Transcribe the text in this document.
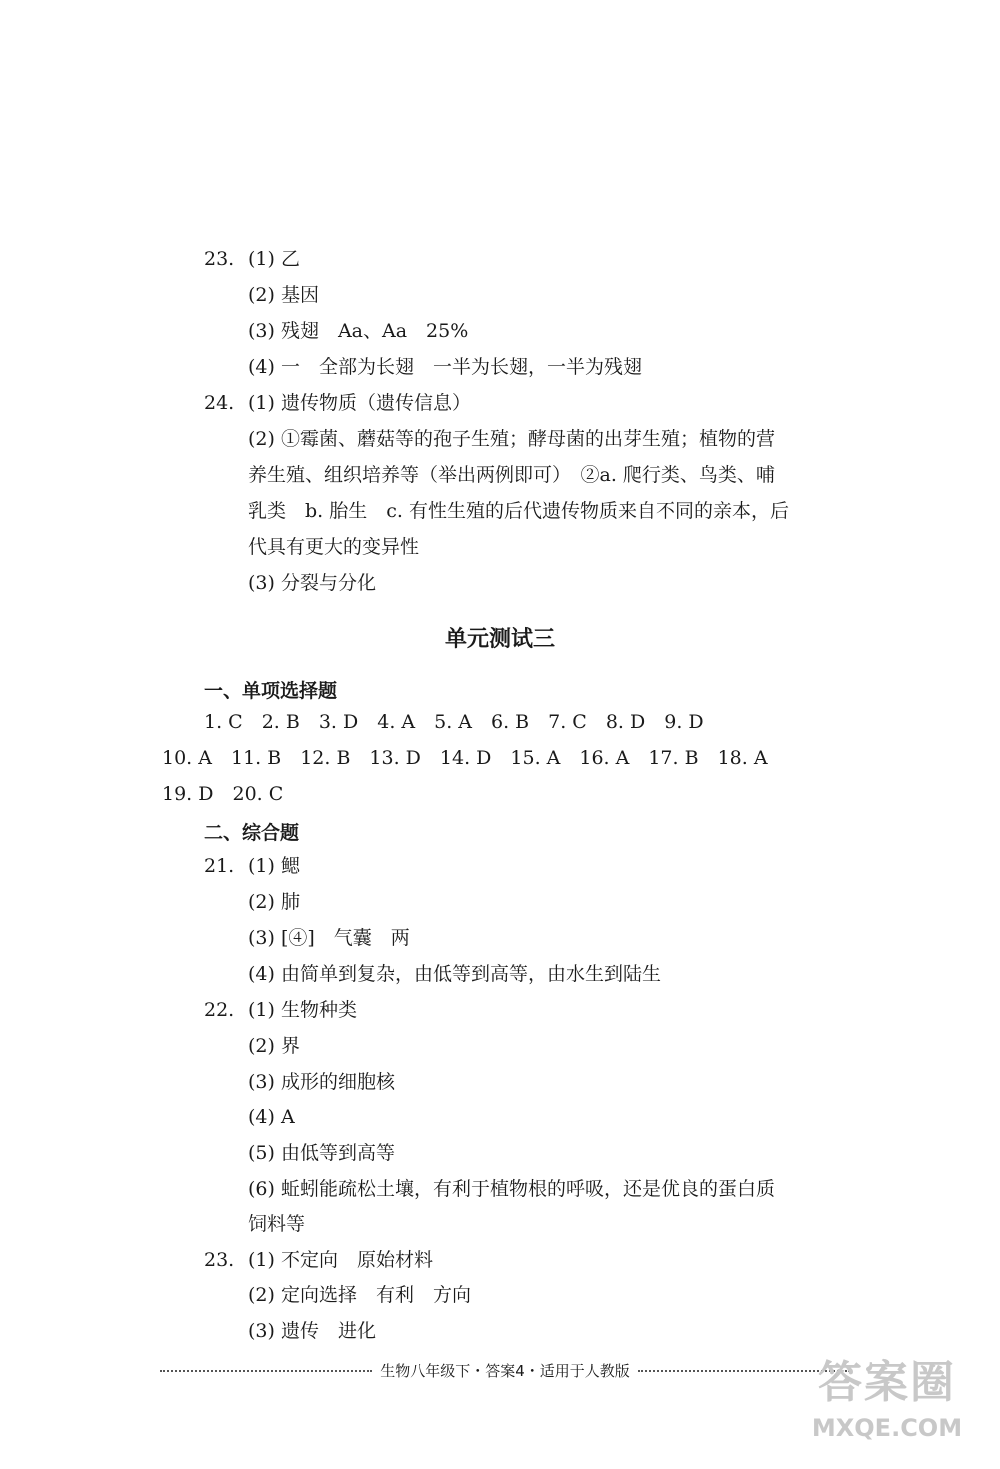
23. (1) 乙
(2) 基因
(3) 残翅　Aa、Aa　25%
(4) 一　全部为长翅　一半为长翅，一半为残翅
24. (1) 遗传物质（遗传信息）
(2) ①霉菌、蘑菇等的孢子生殖；酵母菌的出芽生殖；植物的营
养生殖、组织培养等（举出两例即可）　②a. 爬行类、鸟类、哺
乳类　b. 胎生　c. 有性生殖的后代遗传物质来自不同的亲本，后
代具有更大的变异性
(3) 分裂与分化
单元测试三
一、单项选择题
1. C　2. B　3. D　4. A　5. A　6. B　7. C　8. D　9. D
10. A　11. B　12. B　13. D　14. D　15. A　16. A　17. B　18. A
19. D　20. C
二、综合题
21. (1) 鳃
(2) 肺
(3) [④]　气囊　两
(4) 由简单到复杂，由低等到高等，由水生到陆生
22. (1) 生物种类
(2) 界
(3) 成形的细胞核
(4) A
(5) 由低等到高等
(6) 蚯蚓能疏松土壤，有利于植物根的呼吸，还是优良的蛋白质
饲料等
23. (1) 不定向　原始材料
(2) 定向选择　有利　方向
(3) 遗传　进化
生物八年级下・答案4・适用于人教版	答案圈
MXQE.COM
